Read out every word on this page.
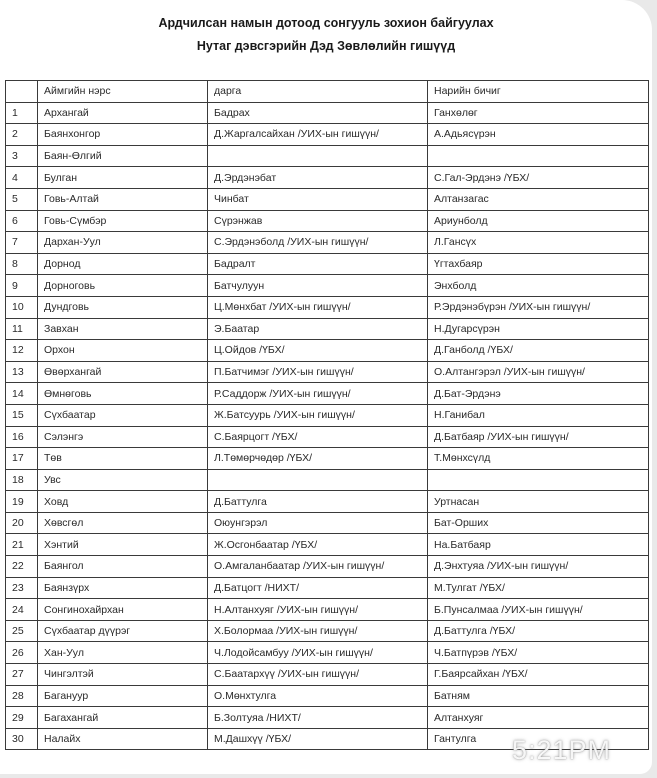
Ардчилсан намын дотоод сонгууль зохион байгуулах
Нутаг дэвсгэрийн Дэд Зөвлөлийн гишүүд
	Аймгийн нэрс	дарга	Нарийн бичиг
1	Архангай	Бадрах	Ганхөлөг
2	Баянхонгор	Д.Жаргалсайхан /УИХ-ын гишүүн/	А.Адьясүрэн
3	Баян-Өлгий		
4	Булган	Д.Эрдэнэбат	С.Гал-Эрдэнэ /ҮБХ/
5	Говь-Алтай	Чинбат	Алтанзагас
6	Говь-Сүмбэр	Сүрэнжав	Ариунболд
7	Дархан-Уул	С.Эрдэнэболд /УИХ-ын гишүүн/	Л.Гансүх
8	Дорнод	Бадралт	Үгтахбаяр
9	Дорноговь	Батчулуун	Энхболд
10	Дундговь	Ц.Мөнхбат /УИХ-ын гишүүн/	Р.Эрдэнэбүрэн /УИХ-ын гишүүн/
11	Завхан	Э.Баатар	Н.Дугарсүрэн
12	Орхон	Ц.Ойдов /ҮБХ/	Д.Ганболд /ҮБХ/
13	Өвөрхангай	П.Батчимэг /УИХ-ын гишүүн/	О.Алтангэрэл /УИХ-ын гишүүн/
14	Өмнөговь	Р.Саддорж /УИХ-ын гишүүн/	Д.Бат-Эрдэнэ
15	Сүхбаатар	Ж.Батсуурь /УИХ-ын гишүүн/	Н.Ганибал
16	Сэлэнгэ	С.Баярцогт /ҮБХ/	Д.Батбаяр /УИХ-ын гишүүн/
17	Төв	Л.Төмөрчөдөр /ҮБХ/	Т.Мөнхсүлд
18	Увс		
19	Ховд	Д.Баттулга	Уртнасан
20	Хөвсгөл	Оюунгэрэл	Бат-Орших
21	Хэнтий	Ж.Осгонбаатар /ҮБХ/	На.Батбаяр
22	Баянгол	О.Амгаланбаатар /УИХ-ын гишүүн/	Д.Энхтуяа /УИХ-ын гишүүн/
23	Баянзүрх	Д.Батцогт /НИХТ/	М.Тулгат /ҮБХ/
24	Сонгинохайрхан	Н.Алтанхуяг /УИХ-ын гишүүн/	Б.Пунсалмаа /УИХ-ын гишүүн/
25	Сүхбаатар дүүрэг	Х.Болормаа /УИХ-ын гишүүн/	Д.Баттулга /ҮБХ/
26	Хан-Уул	Ч.Лодойсамбуу /УИХ-ын гишүүн/	Ч.Батпүрэв /ҮБХ/
27	Чингэлтэй	С.Баатархүү /УИХ-ын гишүүн/	Г.Баярсайхан /ҮБХ/
28	Багануур	О.Мөнхтулга	Батням
29	Багахангай	Б.Золтуяа /НИХТ/	Алтанхуяг
30	Налайх	М.Дашхүү /ҮБХ/	Гантулга 5:21PM
